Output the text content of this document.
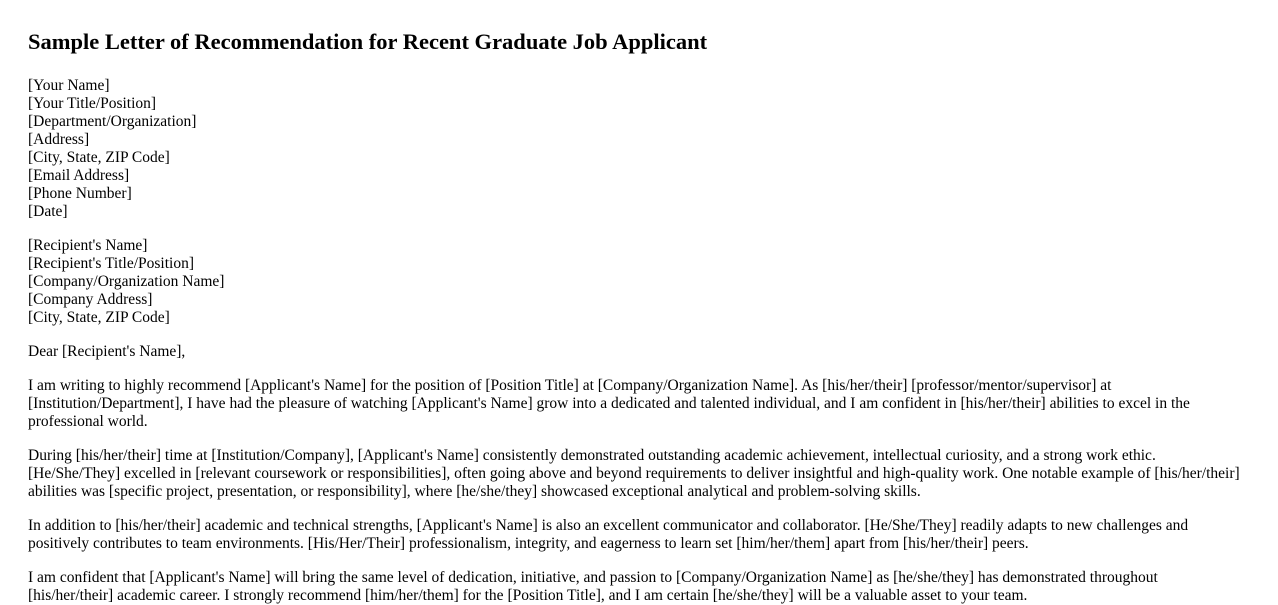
Sample Letter of Recommendation for Recent Graduate Job Applicant
[Your Name]
[Your Title/Position]
[Department/Organization]
[Address]
[City, State, ZIP Code]
[Email Address]
[Phone Number]
[Date]
[Recipient's Name]
[Recipient's Title/Position]
[Company/Organization Name]
[Company Address]
[City, State, ZIP Code]
Dear [Recipient's Name],
I am writing to highly recommend [Applicant's Name] for the position of [Position Title] at [Company/Organization Name]. As [his/her/their] [professor/mentor/supervisor] at [Institution/Department], I have had the pleasure of watching [Applicant's Name] grow into a dedicated and talented individual, and I am confident in [his/her/their] abilities to excel in the professional world.
During [his/her/their] time at [Institution/Company], [Applicant's Name] consistently demonstrated outstanding academic achievement, intellectual curiosity, and a strong work ethic. [He/She/They] excelled in [relevant coursework or responsibilities], often going above and beyond requirements to deliver insightful and high-quality work. One notable example of [his/her/their] abilities was [specific project, presentation, or responsibility], where [he/she/they] showcased exceptional analytical and problem-solving skills.
In addition to [his/her/their] academic and technical strengths, [Applicant's Name] is also an excellent communicator and collaborator. [He/She/They] readily adapts to new challenges and positively contributes to team environments. [His/Her/Their] professionalism, integrity, and eagerness to learn set [him/her/them] apart from [his/her/their] peers.
I am confident that [Applicant's Name] will bring the same level of dedication, initiative, and passion to [Company/Organization Name] as [he/she/they] has demonstrated throughout [his/her/their] academic career. I strongly recommend [him/her/them] for the [Position Title], and I am certain [he/she/they] will be a valuable asset to your team.
